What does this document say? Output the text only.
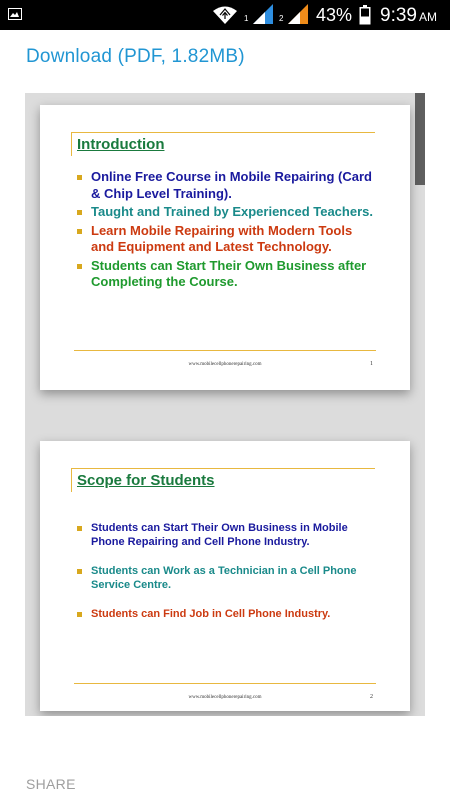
1	2 43% 9:39 AM
Download (PDF, 1.82MB)
Introduction
Online Free Course in Mobile Repairing (Card & Chip Level Training).
Taught and Trained by Experienced Teachers.
Learn Mobile Repairing with Modern Tools and Equipment and Latest Technology.
Students can Start Their Own Business after Completing the Course.
www.mobilecellphonerepairing.com	1
Scope for Students
Students can Start Their Own Business in Mobile Phone Repairing and Cell Phone Industry.
Students can Work as a Technician in a Cell Phone Service Centre.
Students can Find Job in Cell Phone Industry.
www.mobilecellphonerepairing.com	2
SHARE
